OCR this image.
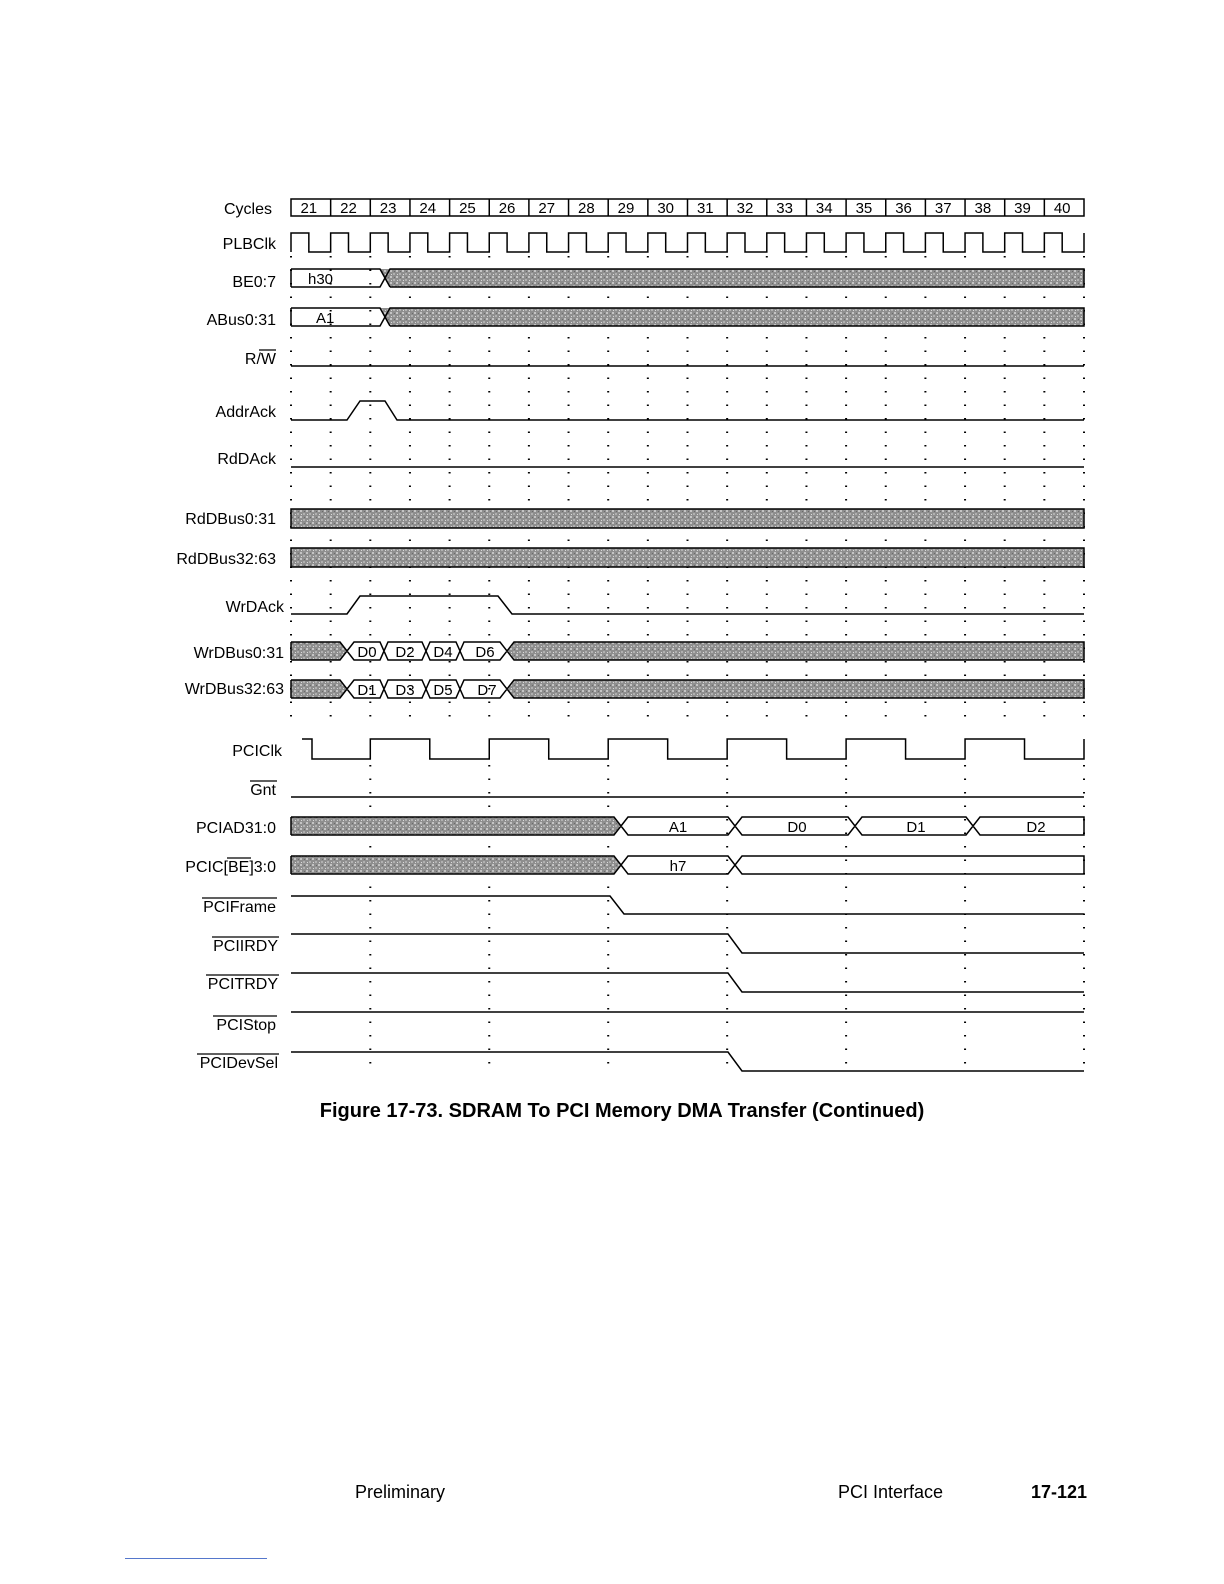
Cycles
PLBClk
BE0:7
ABus0:31
R/W
AddrAck
RdDAck
RdDBus0:31
RdDBus32:63
WrDAck
WrDBus0:31
WrDBus32:63
PCIClk
Gnt
PCIAD31:0
PCIC[BE]3:0
PCIFrame
PCIIRDY
PCITRDY
PCIStop
PCIDevSel
21 22 23 24 25 26 27 28 29 30 31 32 33 34 35 36 37 38 39 40
h30
A1
D0 D2 D4 D6
D1 D3 D5 D7
A1	D0	D1	D2
h7
Figure 17-73. SDRAM To PCI Memory DMA Transfer (Continued)
Preliminary	PCI Interface	17-121
